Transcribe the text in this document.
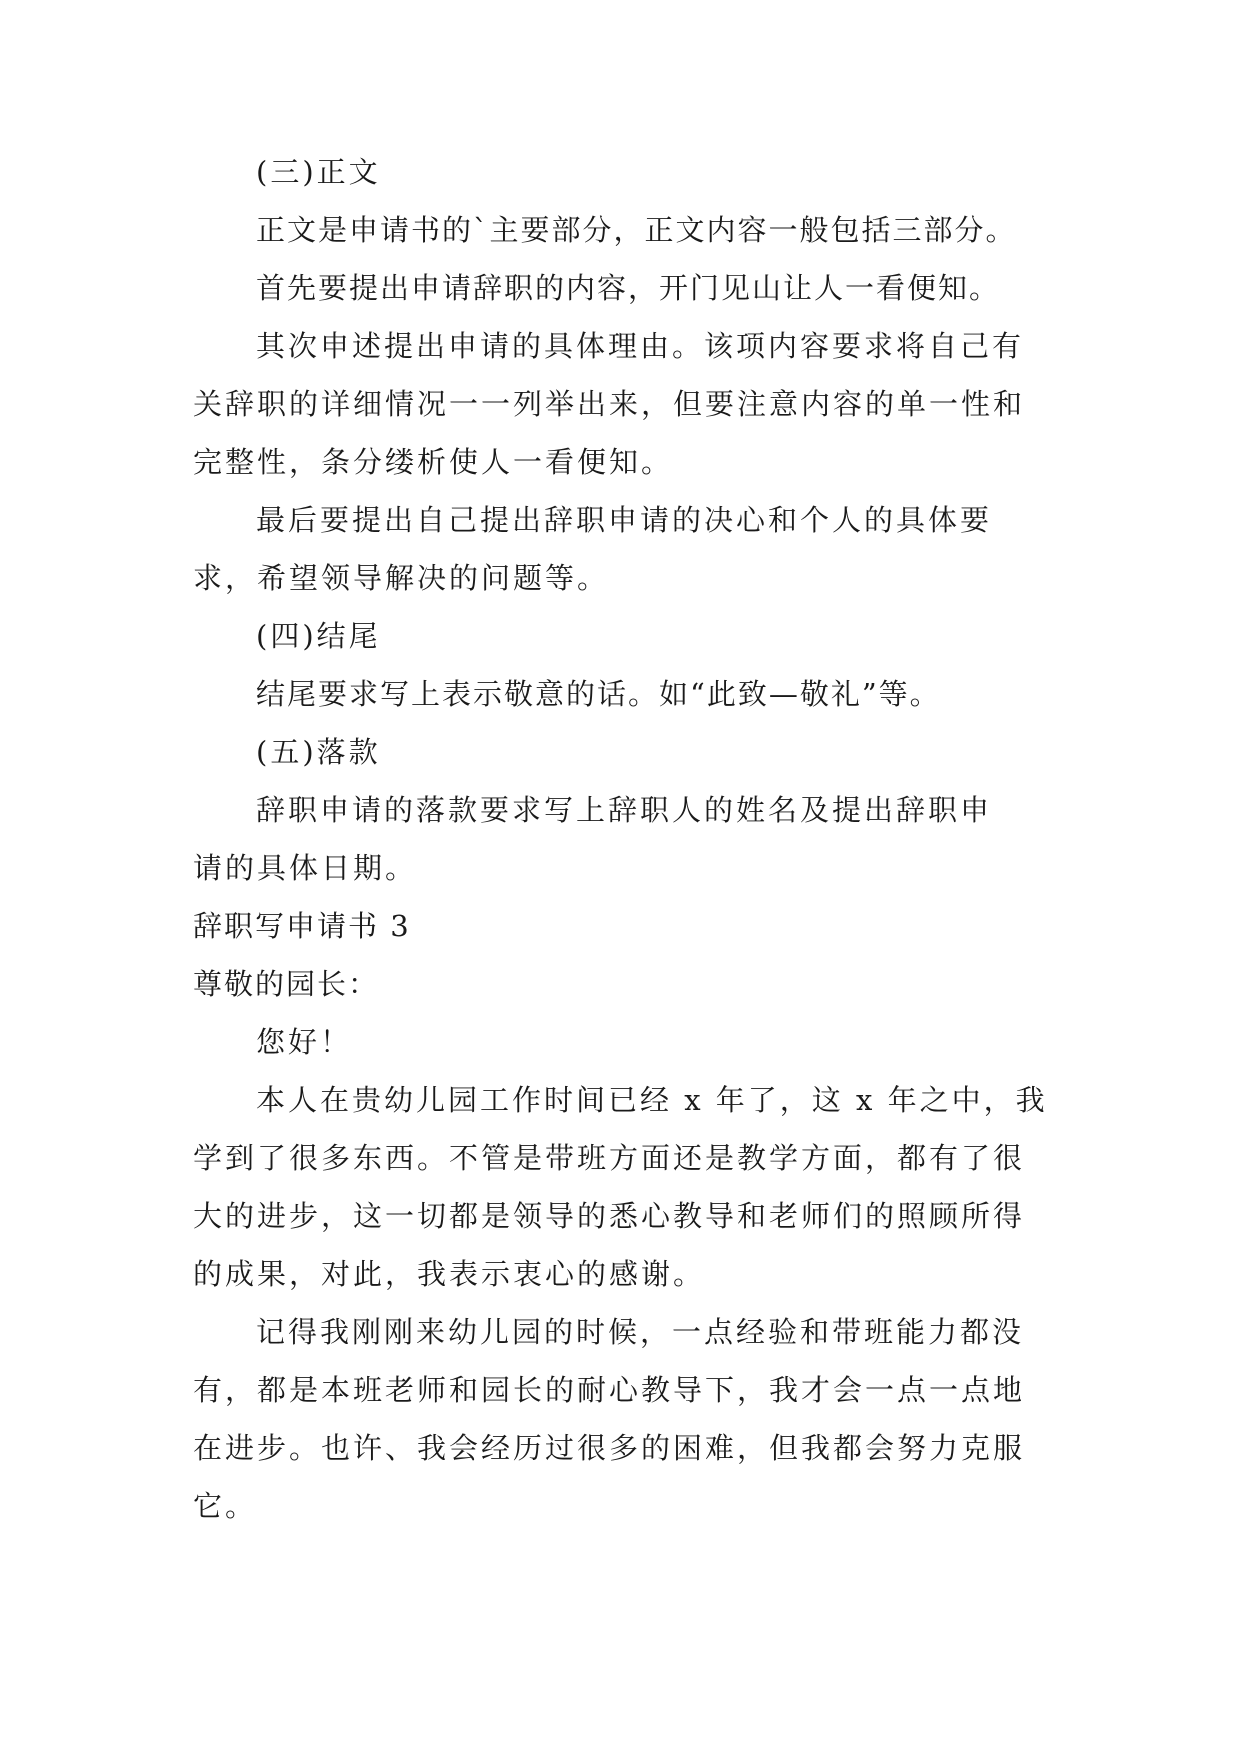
(三)正文
正文是申请书的`主要部分，正文内容一般包括三部分。
首先要提出申请辞职的内容，开门见山让人一看便知。
其次申述提出申请的具体理由。该项内容要求将自己有
关辞职的详细情况一一列举出来，但要注意内容的单一性和
完整性，条分缕析使人一看便知。
最后要提出自己提出辞职申请的决心和个人的具体要
求，希望领导解决的问题等。
(四)结尾
结尾要求写上表示敬意的话。如“此致—敬礼”等。
(五)落款
辞职申请的落款要求写上辞职人的姓名及提出辞职申
请的具体日期。
辞职写申请书 3
尊敬的园长：
您好！
本人在贵幼儿园工作时间已经 x 年了，这 x 年之中，我
学到了很多东西。不管是带班方面还是教学方面，都有了很
大的进步，这一切都是领导的悉心教导和老师们的照顾所得
的成果，对此，我表示衷心的感谢。
记得我刚刚来幼儿园的时候，一点经验和带班能力都没
有，都是本班老师和园长的耐心教导下，我才会一点一点地
在进步。也许、我会经历过很多的困难，但我都会努力克服
它。
